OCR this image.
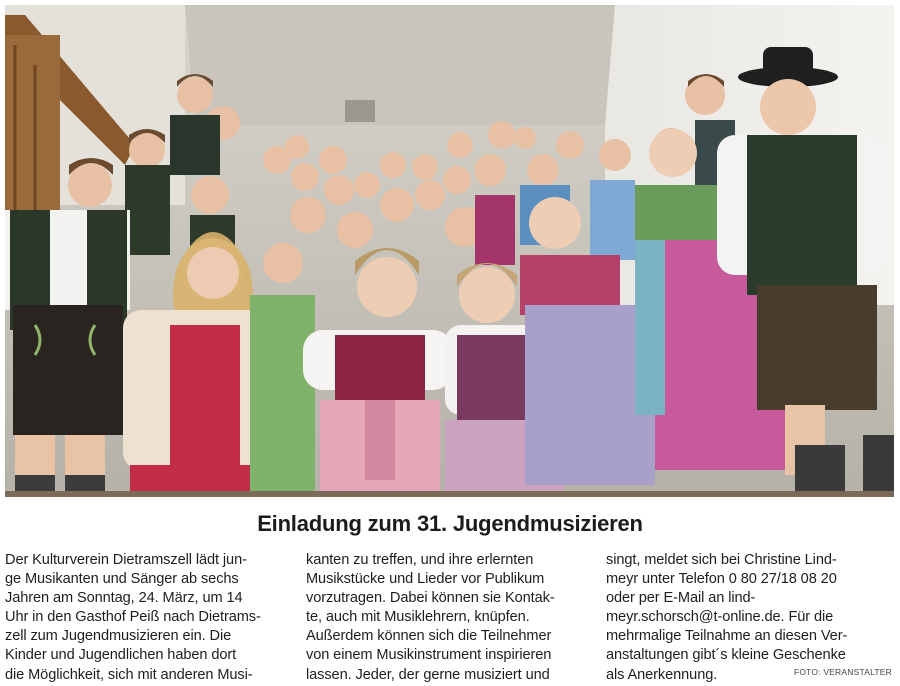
Einladung zum 31. Jugendmusizieren
Der Kulturverein Dietramszell lädt jun-
ge Musikanten und Sänger ab sechs
Jahren am Sonntag, 24. März, um 14
Uhr in den Gasthof Peiß nach Dietrams-
zell zum Jugendmusizieren ein. Die
Kinder und Jugendlichen haben dort
die Möglichkeit, sich mit anderen Musi-
kanten zu treffen, und ihre erlernten
Musikstücke und Lieder vor Publikum
vorzutragen. Dabei können sie Kontak-
te, auch mit Musiklehrern, knüpfen.
Außerdem können sich die Teilnehmer
von einem Musikinstrument inspirieren
lassen. Jeder, der gerne musiziert und
singt, meldet sich bei Christine Lind-
meyr unter Telefon 0 80 27/18 08 20
oder per E-Mail an lind-
meyr.schorsch@t-online.de. Für die
mehrmalige Teilnahme an diesen Ver-
anstaltungen gibt´s kleine Geschenke
als Anerkennung.	FOTO: VERANSTALTER
